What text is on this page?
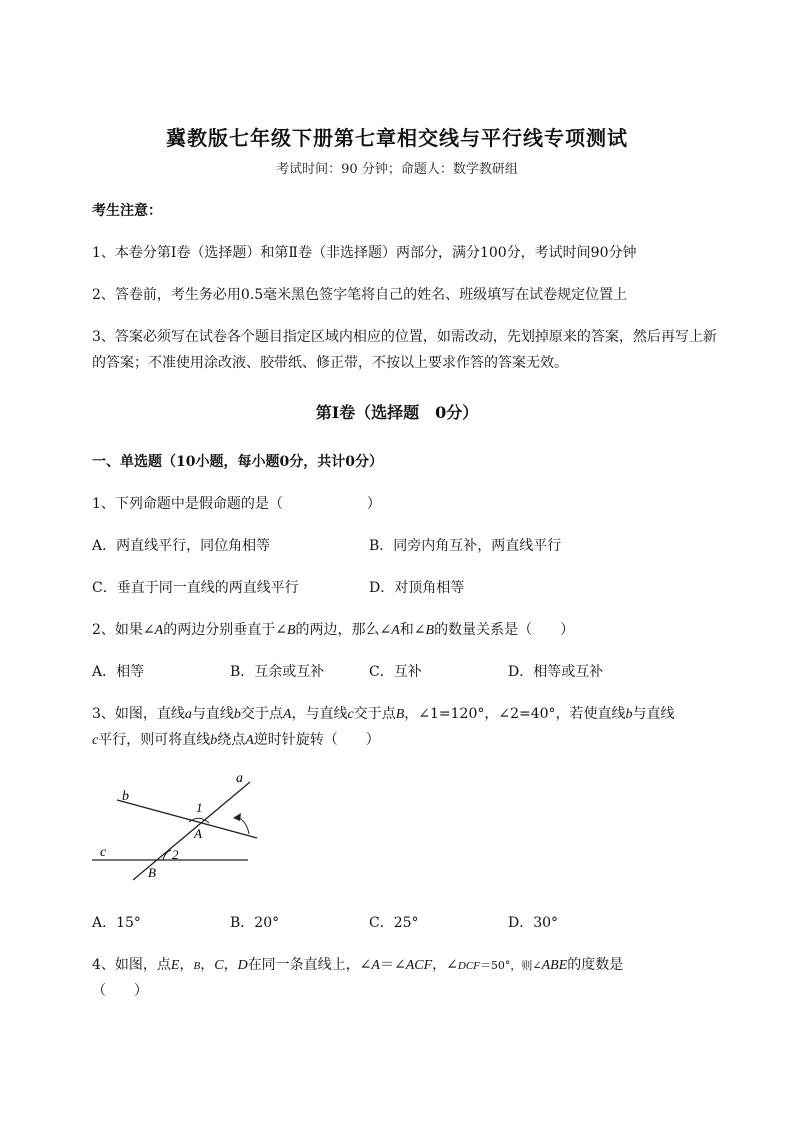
冀教版七年级下册第七章相交线与平行线专项测试
考试时间：90 分钟；命题人：数学教研组
考生注意：
1、本卷分第Ⅰ卷（选择题）和第Ⅱ卷（非选择题）两部分，满分100分，考试时间90分钟
2、答卷前，考生务必用0.5毫米黑色签字笔将自己的姓名、班级填写在试卷规定位置上
3、答案必须写在试卷各个题目指定区域内相应的位置，如需改动，先划掉原来的答案，然后再写上新
的答案；不准使用涂改液、胶带纸、修正带，不按以上要求作答的答案无效。
第Ⅰ卷（选择题　0分）
一、单选题（10小题，每小题0分，共计0分）
1、下列命题中是假命题的是（　　　　　　）
A．两直线平行，同位角相等	B．同旁内角互补，两直线平行
C．垂直于同一直线的两直线平行	D．对顶角相等
2、如果∠A的两边分别垂直于∠B的两边，那么∠A和∠B的数量关系是（　　）
A．相等	B．互余或互补	C．互补	D．相等或互补
3、如图，直线a与直线b交于点A，与直线c交于点B，∠1=120°，∠2=40°，若使直线b与直线
c平行，则可将直线b绕点A逆时针旋转（　　）
a
b
c
A
B
1
2
A．15°	B．20°	C．25°	D．30°
4、如图，点E，B，C，D在同一条直线上，∠A＝∠ACF，∠DCF＝50°，则∠ABE的度数是
（　　）
